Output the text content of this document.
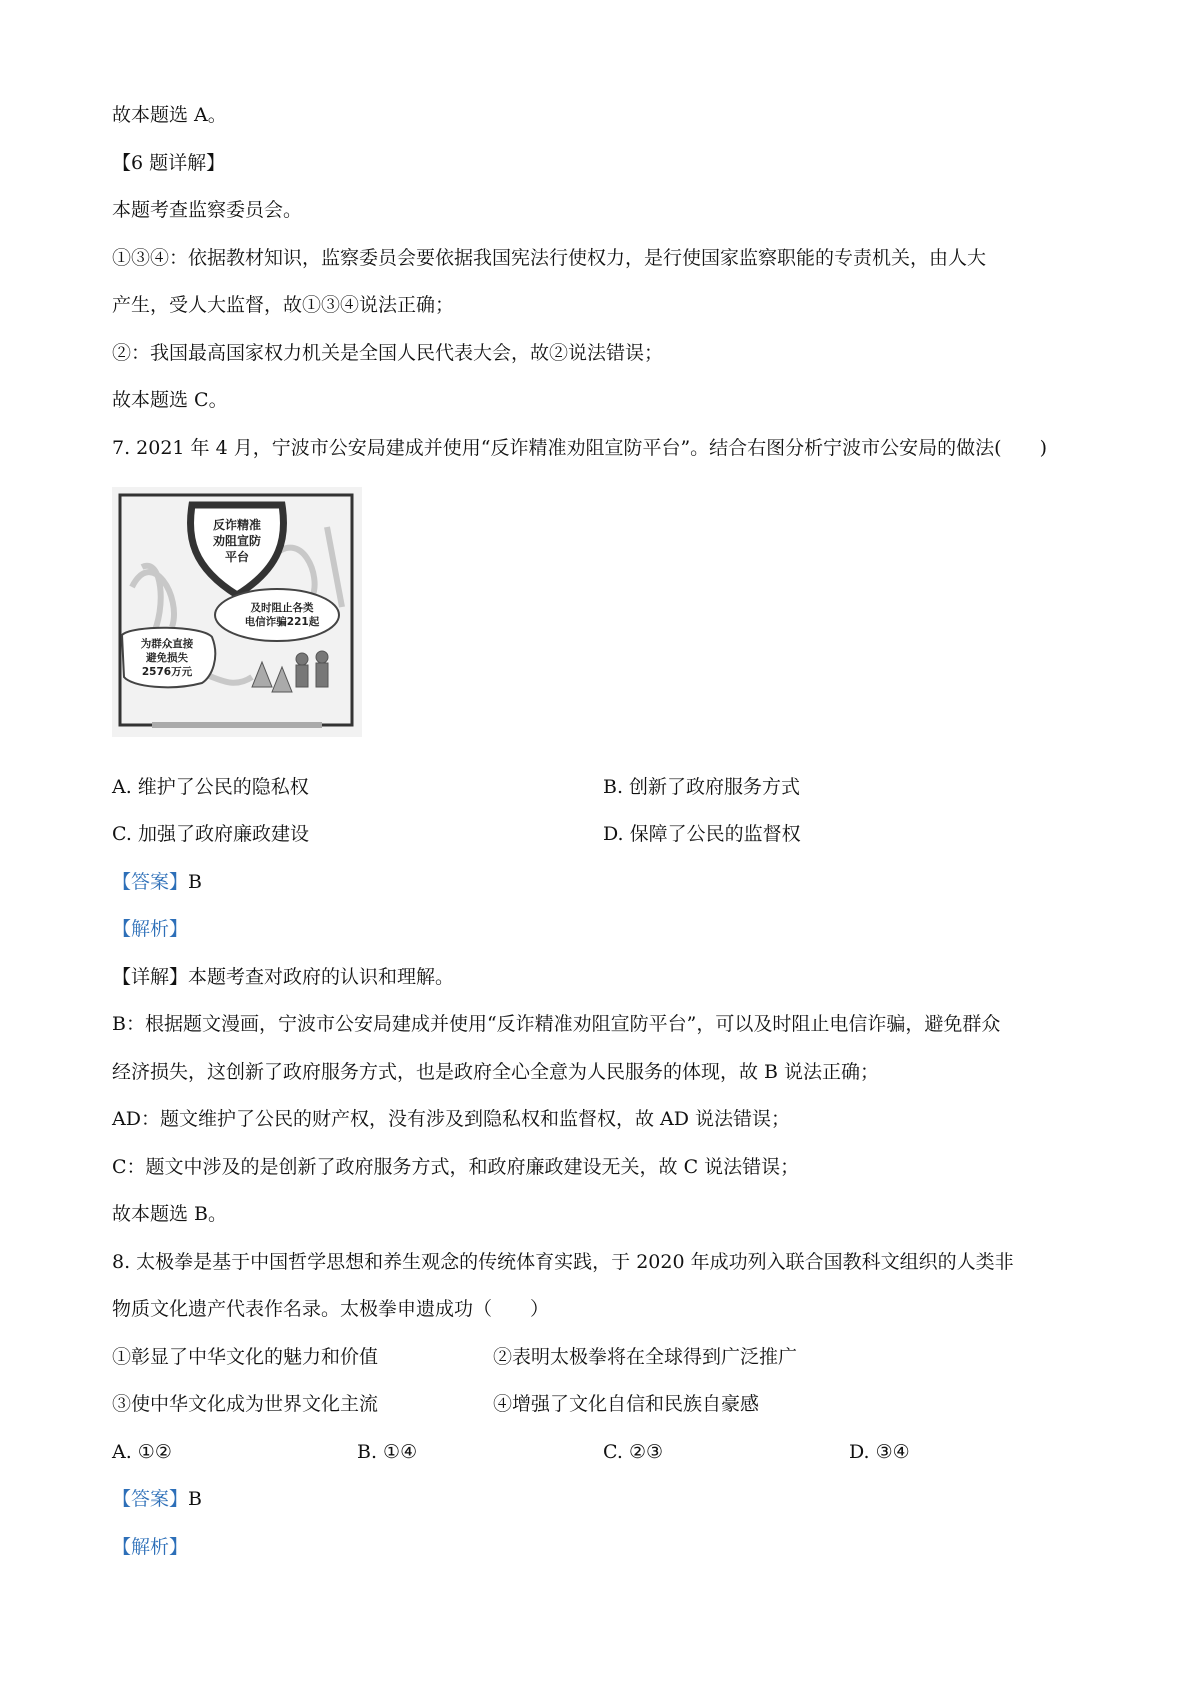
故本题选 A。
【6 题详解】
本题考查监察委员会。
①③④：依据教材知识，监察委员会要依据我国宪法行使权力，是行使国家监察职能的专责机关，由人大
产生，受人大监督，故①③④说法正确；
②：我国最高国家权力机关是全国人民代表大会，故②说法错误；
故本题选 C。
7. 2021 年 4 月，宁波市公安局建成并使用“反诈精准劝阻宣防平台”。结合右图分析宁波市公安局的做法(　　)
反诈精准
劝阻宣防
平台
及时阻止各类
电信诈骗221起
为群众直接
避免损失
2576万元
A. 维护了公民的隐私权	B. 创新了政府服务方式
C. 加强了政府廉政建设	D. 保障了公民的监督权
【答案】B
【解析】
【详解】本题考查对政府的认识和理解。
B：根据题文漫画，宁波市公安局建成并使用“反诈精准劝阻宣防平台”，可以及时阻止电信诈骗，避免群众
经济损失，这创新了政府服务方式，也是政府全心全意为人民服务的体现，故 B 说法正确；
AD：题文维护了公民的财产权，没有涉及到隐私权和监督权，故 AD 说法错误；
C：题文中涉及的是创新了政府服务方式，和政府廉政建设无关，故 C 说法错误；
故本题选 B。
8. 太极拳是基于中国哲学思想和养生观念的传统体育实践，于 2020 年成功列入联合国教科文组织的人类非
物质文化遗产代表作名录。太极拳申遗成功（　　）
①彰显了中华文化的魅力和价值	②表明太极拳将在全球得到广泛推广
③使中华文化成为世界文化主流	④增强了文化自信和民族自豪感
A. ①②	B. ①④	C. ②③	D. ③④
【答案】B
【解析】
